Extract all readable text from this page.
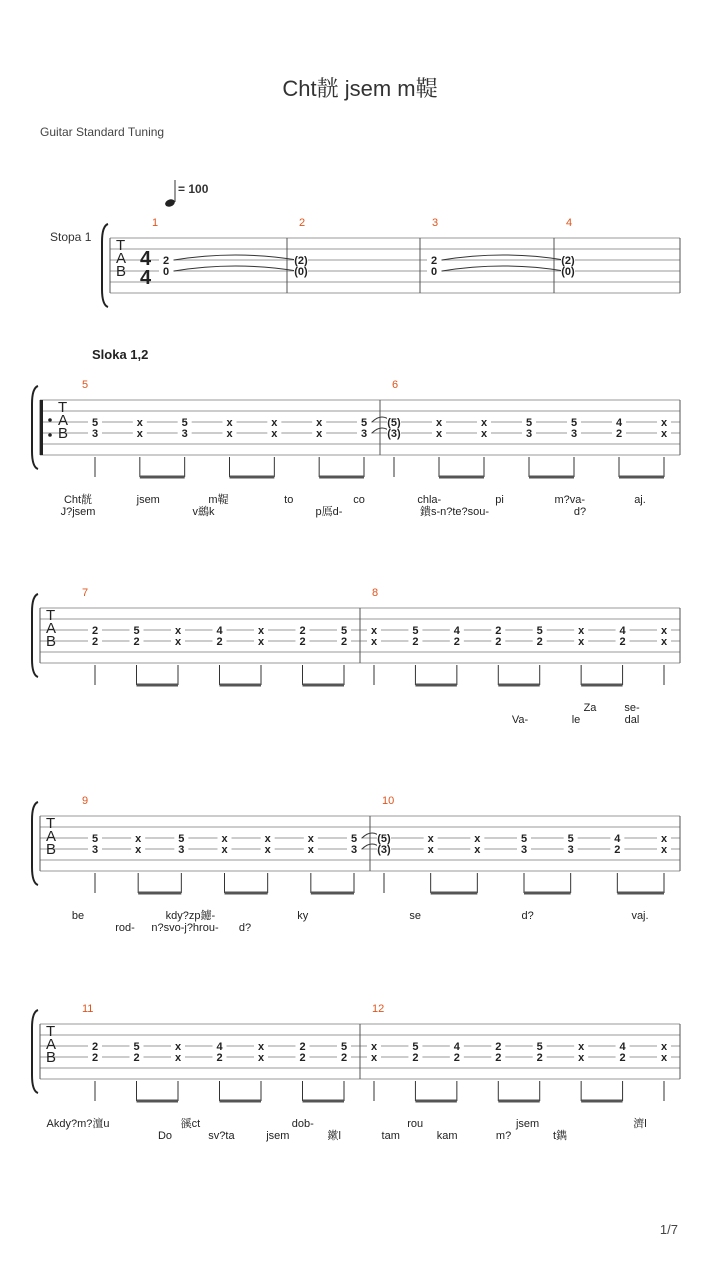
Cht靗 jsem m鞮
Guitar Standard Tuning
1/7
= 100
Stopa 1
Sloka 1,2
T
A
B
4
4
1
2
0
2
(2)
(0)
3
2
0
4
(2)
(0)
T
A
B
5
5
3
x
x
5
3
x
x
x
x
x
x
5
3
6
(5)
(3)
x
x
x
x
5
3
5
3
4
2
x
x
Cht靗	jsem	m鞮	to	co	chla-	pi	m?va-	aj.
J?jsem	v鷀k	p鳫d-	鐀s-n?te?sou-	d?
T
A
B
7
2
2
5
2
x
x
4
2
x
x
2
2
5
2
8
x
x
5
2
4
2
2
2
5
2
x
x
4
2
x
x
Za	se-
Va-	le	dal
T
A
B
9
5
3
x
x
5
3
x
x
x
x
x
x
5
3
10
(5)
(3)
x
x
x
x
5
3
5
3
4
2
x
x
be	kdy?zp鑢-	ky	se	d?	vaj.
rod- n?svo-j?hrou- d?
T
A
B
11
2
2
5
2
x
x
4
2
x
x
2
2
5
2
12
x
x
5
2
4
2
2
2
5
2
x
x
4
2
x
x
Akdy?m?澶u	豀ct	dob-	rou	jsem	濟l
Do	sv?ta	jsem	鏉l	tam	kam	m?	t鐫
